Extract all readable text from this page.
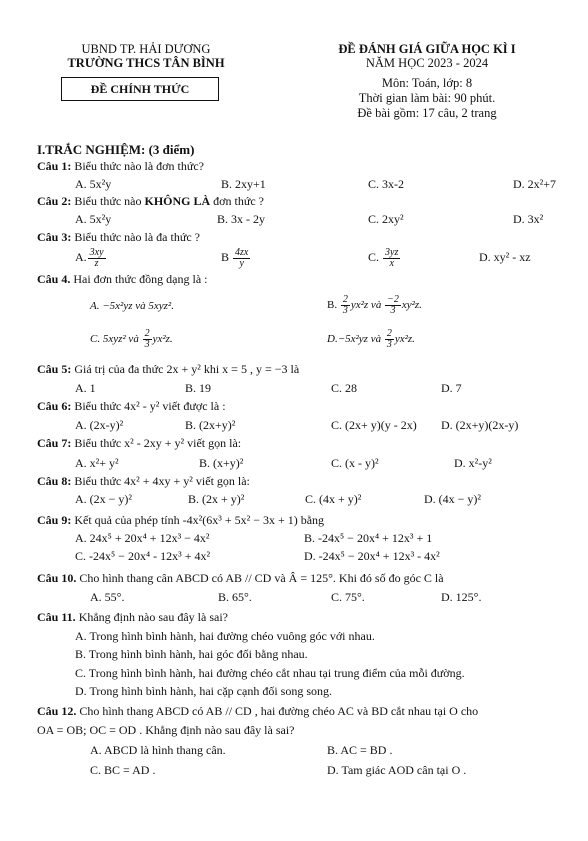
UBND TP. HẢI DƯƠNG
TRƯỜNG THCS TÂN BÌNH
ĐỀ CHÍNH THỨC
ĐỀ ĐÁNH GIÁ GIỮA HỌC KÌ I
NĂM HỌC 2023 - 2024
Môn: Toán, lớp: 8
Thời gian làm bài: 90 phút.
Đề bài gồm: 17 câu, 2 trang
I.TRẮC NGHIỆM: (3 điểm)
Câu 1: Biểu thức nào là đơn thức?
A. 5x²y	B. 2xy+1	C. 3x-2	D. 2x²+7
Câu 2: Biểu thức nào KHÔNG LÀ đơn thức ?
A. 5x²y	B. 3x - 2y	C. 2xy²	D. 3x²
Câu 3: Biểu thức nào là đa thức ?
A. $\frac{3xy}{z}$	B $\frac{4zx}{y}$	C. $\frac{3yz}{x}$	D. xy² - xz
Câu 4. Hai đơn thức đồng dạng là :
A. −5x²yz và 5xyz².	B. $\frac{2}{3} yx^2z$ và $\frac{-2}{3} xy^2z$.
C. 5xyz² và $\frac{2}{3} yx^2z$.	D.−5x²yz và $\frac{2}{3} yx^2z$.
Câu 5: Giá trị của đa thức 2x + y² khi x = 5 , y = −3 là
A. 1	B. 19	C. 28	D. 7
Câu 6: Biểu thức 4x² - y² viết được là :
A. (2x-y)²	B. (2x+y)²	C. (2x+ y)(y - 2x) D. (2x+y)(2x-y)
Câu 7: Biểu thức x² - 2xy + y² viết gọn là:
A. x²+ y²	B. (x+y)²	C. (x - y)²	D. x²-y²
Câu 8: Biểu thức 4x² + 4xy + y² viết gọn là:
A. (2x − y)²	B. (2x + y)²	C. (4x + y)²	D. (4x − y)²
Câu 9: Kết quả của phép tính -4x²(6x³ + 5x² − 3x + 1) bằng
A. 24x⁵ + 20x⁴ + 12x³ − 4x²	B. -24x⁵ − 20x⁴ + 12x³ + 1
C. -24x⁵ − 20x⁴ - 12x³ + 4x²	D. -24x⁵ − 20x⁴ + 12x³ - 4x²
Câu 10. Cho hình thang cân ABCD có AB // CD và Â = 125°. Khi đó số đo góc C là
A. 55°.	B. 65°.	C. 75°.	D. 125°.
Câu 11. Khẳng định nào sau đây là sai?
A. Trong hình bình hành, hai đường chéo vuông góc với nhau.
B. Trong hình bình hành, hai góc đối bằng nhau.
C. Trong hình bình hành, hai đường chéo cắt nhau tại trung điểm của mỗi đường.
D. Trong hình bình hành, hai cặp cạnh đối song song.
Câu 12. Cho hình thang ABCD có AB // CD , hai đường chéo AC và BD cắt nhau tại O cho
OA = OB; OC = OD . Khẳng định nào sau đây là sai?
A. ABCD là hình thang cân.	B. AC = BD .
C. BC = AD .	D. Tam giác AOD cân tại O .
